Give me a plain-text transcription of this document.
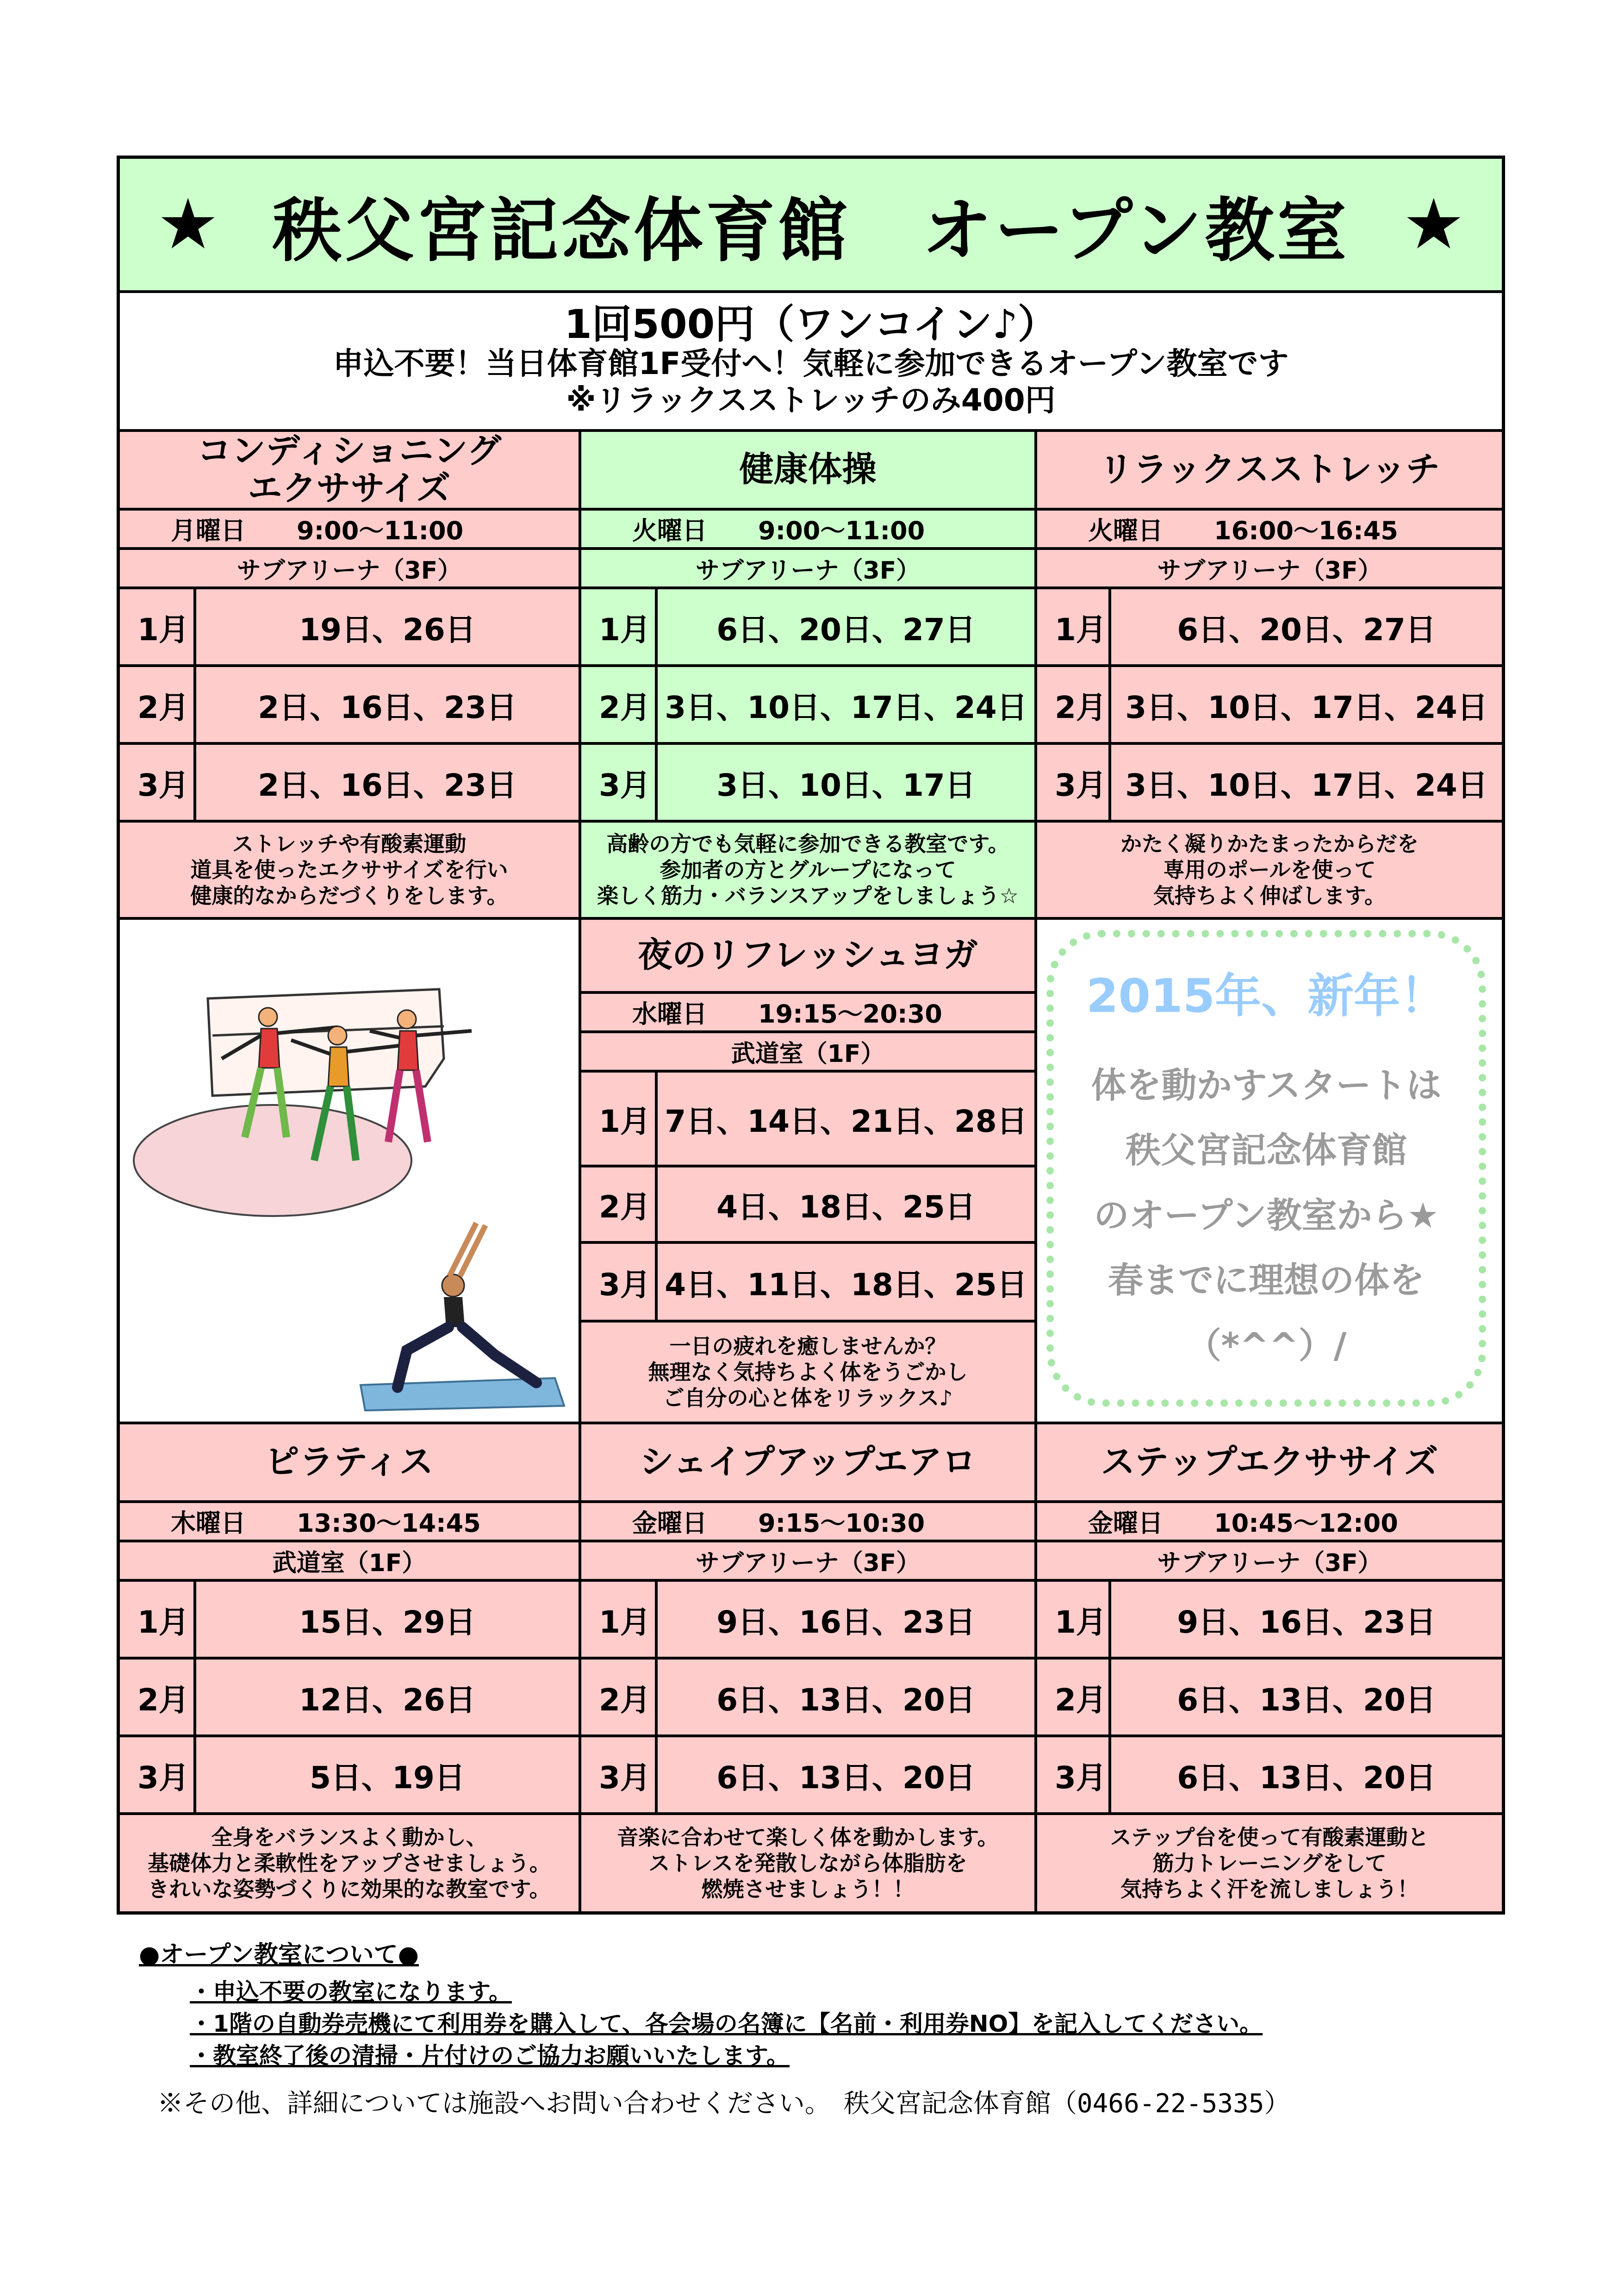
★ 秩父宮記念体育館　オープン教室 ★
1回500円（ワンコイン♪）
申込不要！当日体育館1F受付へ！気軽に参加できるオープン教室です
※リラックスストレッチのみ400円
コンディショニング
エクササイズ
月曜日 9:00～11:00
サブアリーナ（3F）
1月	19日、26日
2月	2日、16日、23日
3月	2日、16日、23日
ストレッチや有酸素運動
道具を使ったエクササイズを行い
健康的なからだづくりをします。
健康体操
火曜日 9:00～11:00
サブアリーナ（3F）
1月	6日、20日、27日
2月 3日、10日、17日、24日
3月	3日、10日、17日
高齢の方でも気軽に参加できる教室です。
参加者の方とグループになって
楽しく筋力・バランスアップをしましょう☆
リラックスストレッチ
火曜日 16:00～16:45
サブアリーナ（3F）
1月	6日、20日、27日
2月 3日、10日、17日、24日
3月 3日、10日、17日、24日
かたく凝りかたまったからだを
専用のポールを使って
気持ちよく伸ばします。
夜のリフレッシュヨガ
水曜日 19:15～20:30
武道室（1F）
1月 7日、14日、21日、28日
2月	4日、18日、25日
3月 4日、11日、18日、25日
一日の疲れを癒しませんか？
無理なく気持ちよく体をうごかし
ご自分の心と体をリラックス♪
2015年、新年！
体を動かすスタートは
秩父宮記念体育館
のオープン教室から★
春までに理想の体を
（*^^）/
ピラティス
木曜日 13:30～14:45
武道室（1F）
1月	15日、29日
2月	12日、26日
3月	5日、19日
全身をバランスよく動かし、
基礎体力と柔軟性をアップさせましょう。
きれいな姿勢づくりに効果的な教室です。
シェイプアップエアロ
金曜日 9:15～10:30
サブアリーナ（3F）
1月	9日、16日、23日
2月	6日、13日、20日
3月	6日、13日、20日
音楽に合わせて楽しく体を動かします。
ストレスを発散しながら体脂肪を
燃焼させましょう！！
ステップエクササイズ
金曜日 10:45～12:00
サブアリーナ（3F）
1月	9日、16日、23日
2月	6日、13日、20日
3月	6日、13日、20日
ステップ台を使って有酸素運動と
筋力トレーニングをして
気持ちよく汗を流しましょう！
●オープン教室について●
・申込不要の教室になります。
・1階の自動券売機にて利用券を購入して、各会場の名簿に【名前・利用券NO】を記入してください。
・教室終了後の清掃・片付けのご協力お願いいたします。
※その他、詳細については施設へお問い合わせください。　秩父宮記念体育館（0466-22-5335）
